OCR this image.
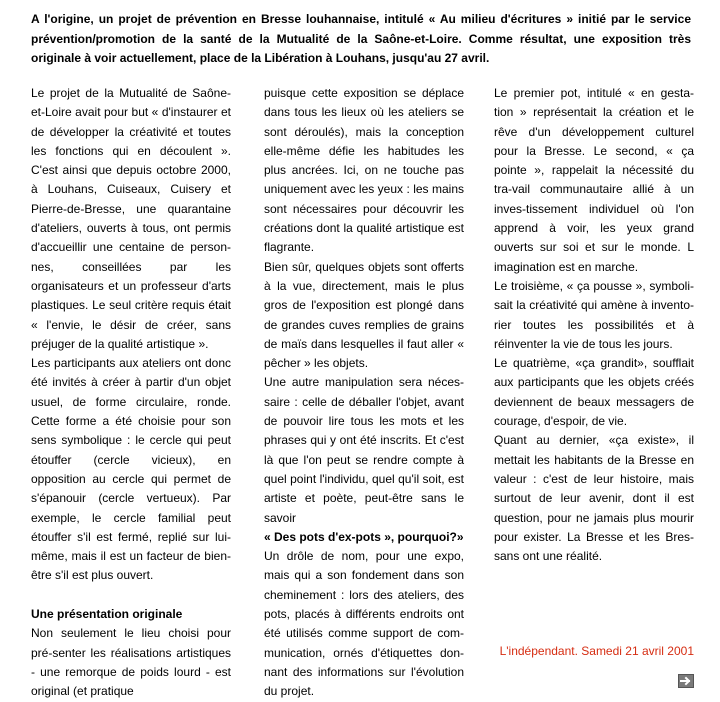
A l'origine, un projet de prévention en Bresse louhannaise, intitulé « Au milieu d'écritures » initié par le service prévention/promotion de la santé de la Mutualité de la Saône-et-Loire. Comme résultat, une exposition très originale à voir actuellement, place de la Libération à Louhans, jusqu'au 27 avril.

Le projet de la Mutualité de Saône-et-Loire avait pour but « d'instaurer et de développer la créativité et toutes les fonctions qui en découlent ». C'est ainsi que depuis octobre 2000, à Louhans, Cuiseaux, Cuisery et Pierre-de-Bresse, une quarantaine d'ateliers, ouverts à tous, ont permis d'accueillir une centaine de person-nes, conseillées par les organisateurs et un professeur d'arts plastiques. Le seul critère requis était « l'envie, le désir de créer, sans préjuger de la qualité artistique ».

Les participants aux ateliers ont donc été invités à créer à partir d'un objet usuel, de forme circulaire, ronde. Cette forme a été choisie pour son sens symbolique : le cercle qui peut étouffer (cercle vicieux), en opposition au cercle qui permet de s'épanouir (cercle vertueux). Par exemple, le cercle familial peut étouffer s'il est fermé, replié sur lui-même, mais il est un facteur de bien-être s'il est plus ouvert.

Une présentation originale

Non seulement le lieu choisi pour pré-senter les réalisations artistiques - une remorque de poids lourd - est original (et pratique

puisque cette exposition se déplace dans tous les lieux où les ateliers se sont déroulés), mais la conception elle-même défie les habitudes les plus ancrées. Ici, on ne touche pas uniquement avec les yeux : les mains sont nécessaires pour découvrir les créations dont la qualité artistique est flagrante.

Bien sûr, quelques objets sont offerts à la vue, directement, mais le plus gros de l'exposition est plongé dans de grandes cuves remplies de grains de maïs dans lesquelles il faut aller « pêcher » les objets.

Une autre manipulation sera néces-saire : celle de déballer l'objet, avant de pouvoir lire tous les mots et les phrases qui y ont été inscrits. Et c'est là que l'on peut se rendre compte à quel point l'individu, quel qu'il soit, est artiste et poète, peut-être sans le savoir

« Des pots d'ex-pots », pourquoi?»

Un drôle de nom, pour une expo, mais qui a son fondement dans son cheminement : lors des ateliers, des pots, placés à différents endroits ont été utilisés comme support de com-munication, ornés d'étiquettes don-nant des informations sur l'évolution du projet.

Le premier pot, intitulé « en gesta-tion » représentait la création et le rêve d'un développement culturel pour la Bresse. Le second, « ça pointe », rappelait la nécessité du tra-vail communautaire allié à un inves-tissement individuel où l'on apprend à voir, les yeux grand ouverts sur soi et sur le monde. L imagination est en marche.

Le troisième, « ça pousse », symboli-sait la créativité qui amène à invento-rier toutes les possibilités et à réinventer la vie de tous les jours.

Le quatrième, «ça grandit», soufflait aux participants que les objets créés deviennent de beaux messagers de courage, d'espoir, de vie.

Quant au dernier, «ça existe», il mettait les habitants de la Bresse en valeur : c'est de leur histoire, mais surtout de leur avenir, dont il est question, pour ne jamais plus mourir pour exister. La Bresse et les Bres-sans ont une réalité.

L'indépendant. Samedi 21 avril 2001
